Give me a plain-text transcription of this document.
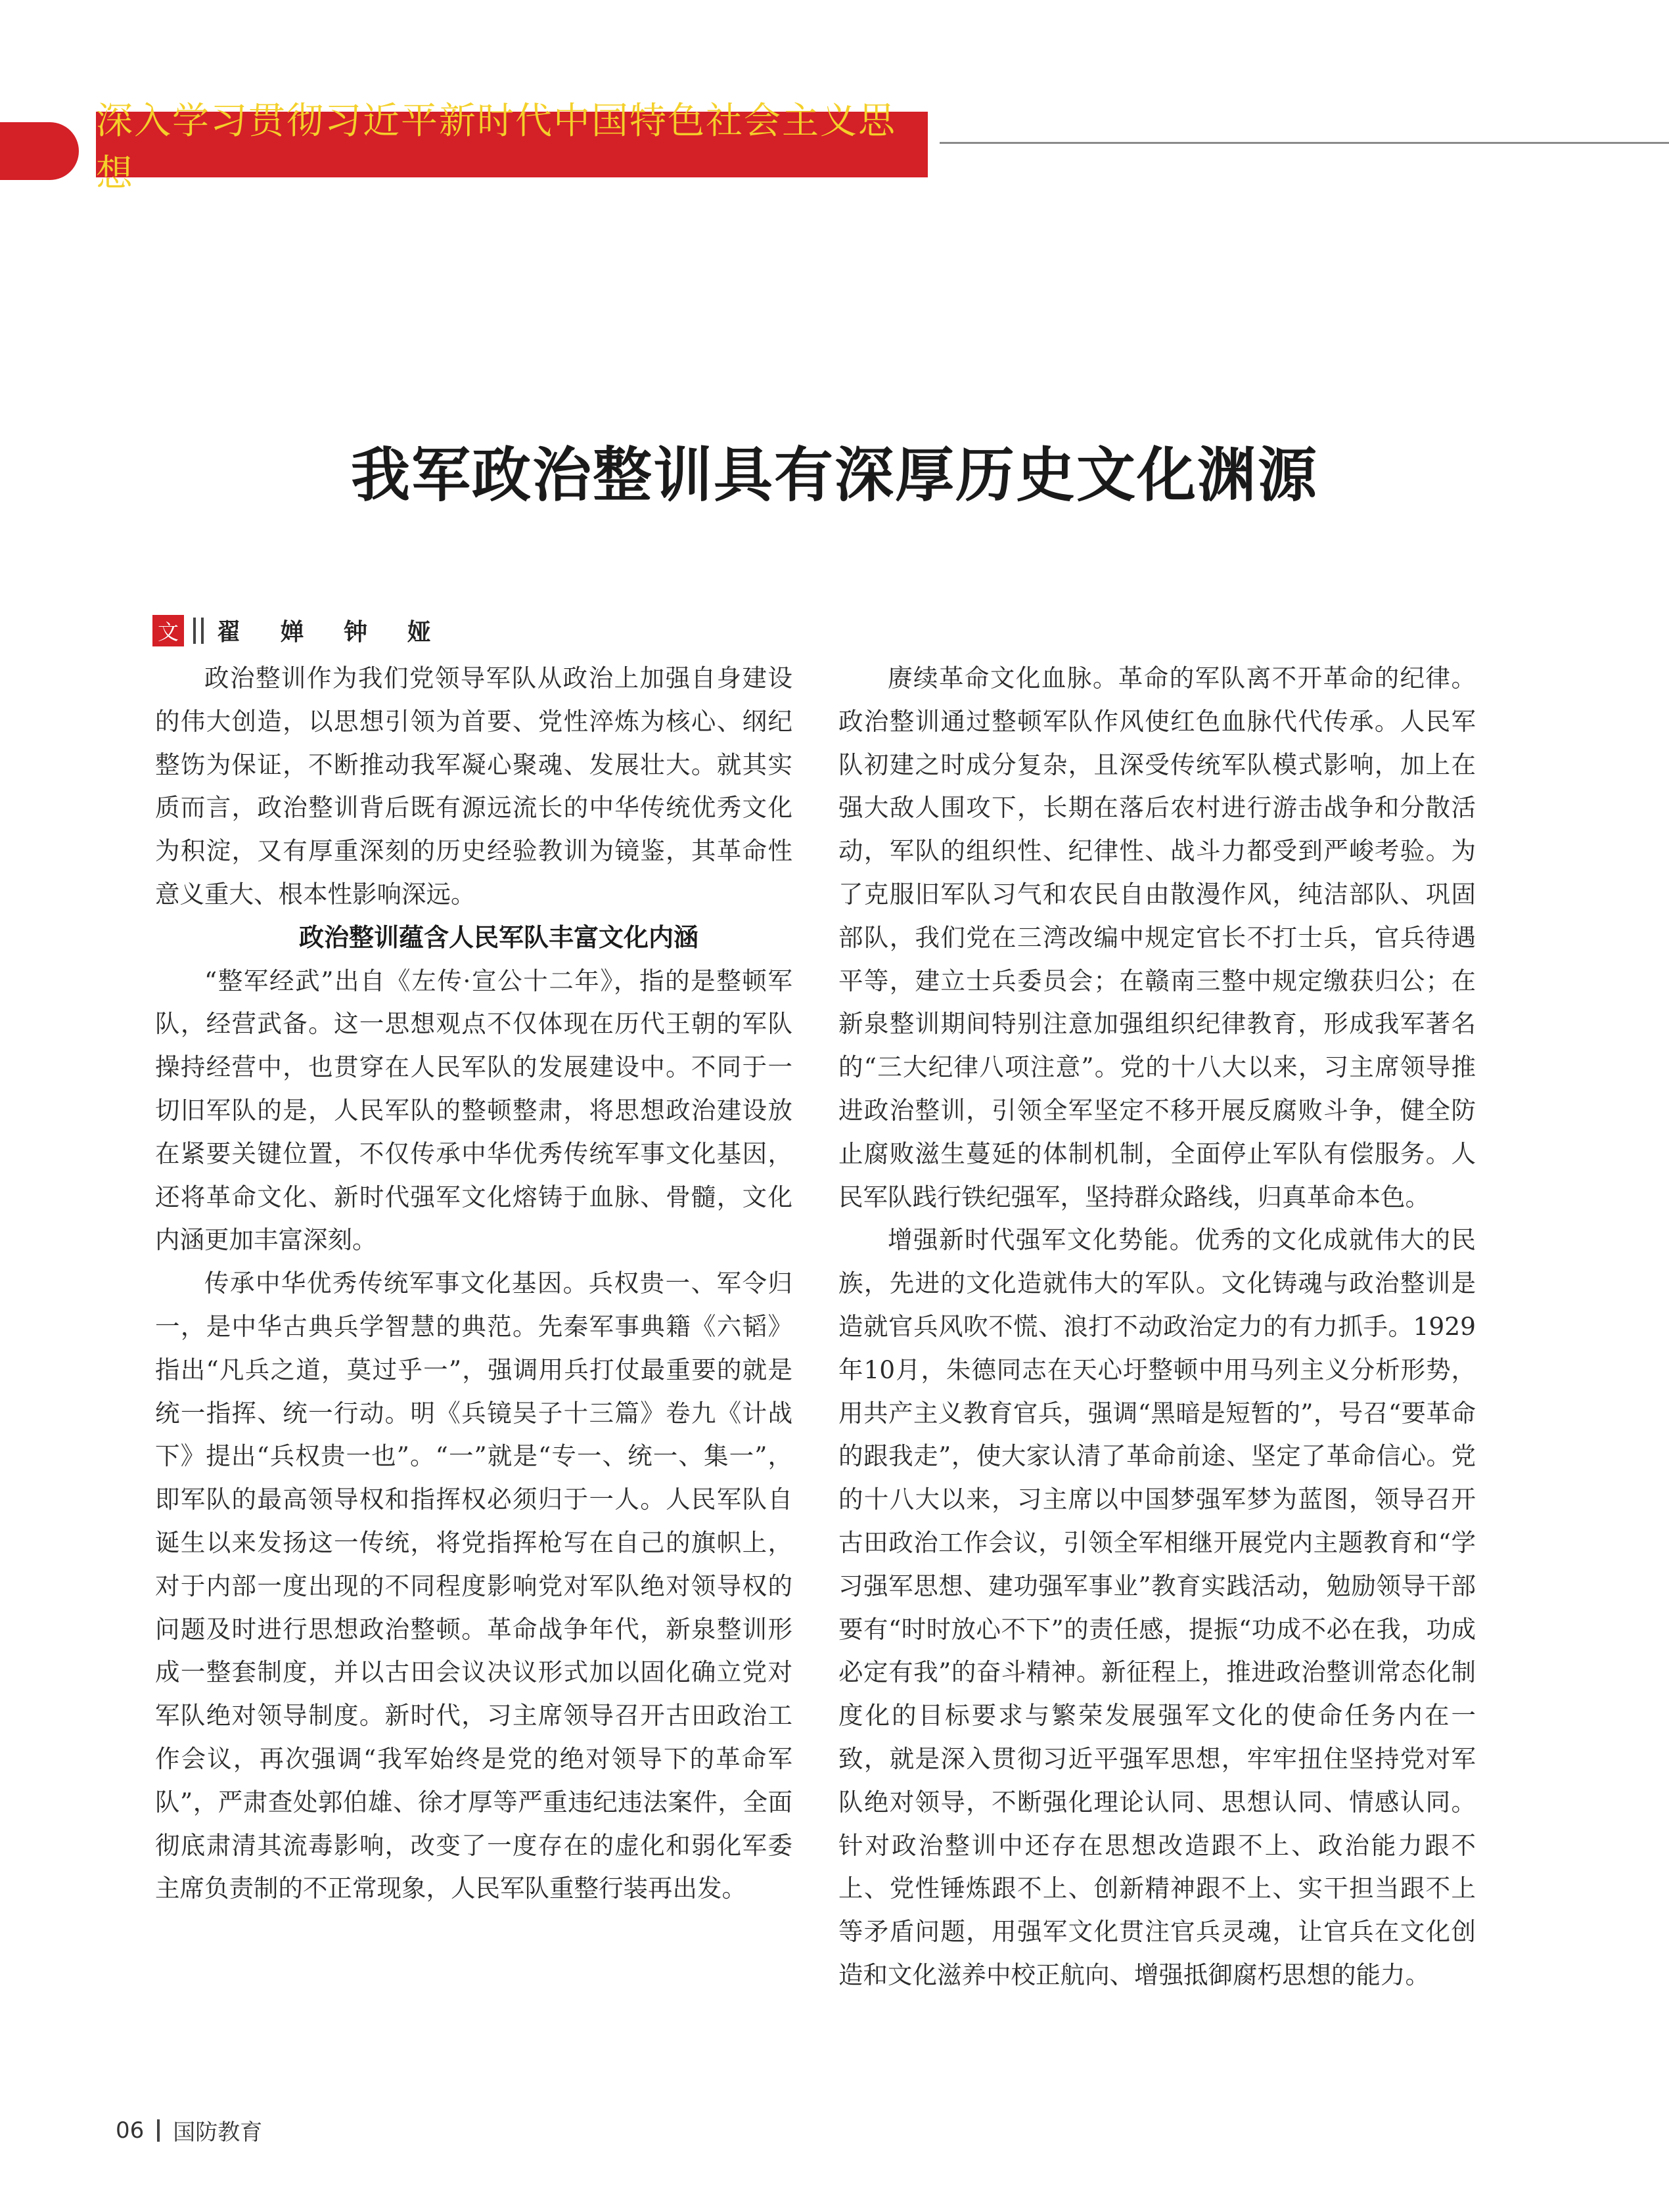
深入学习贯彻习近平新时代中国特色社会主义思想
我军政治整训具有深厚历史文化渊源
文 翟 婵 钟 娅

政治整训作为我们党领导军队从政治上加强自身建设的伟大创造，以思想引领为首要、党性淬炼为核心、纲纪整饬为保证，不断推动我军凝心聚魂、发展壮大。就其实质而言，政治整训背后既有源远流长的中华传统优秀文化为积淀，又有厚重深刻的历史经验教训为镜鉴，其革命性意义重大、根本性影响深远。

政治整训蕴含人民军队丰富文化内涵

“整军经武”出自《左传·宣公十二年》，指的是整顿军队，经营武备。这一思想观点不仅体现在历代王朝的军队操持经营中，也贯穿在人民军队的发展建设中。不同于一切旧军队的是，人民军队的整顿整肃，将思想政治建设放在紧要关键位置，不仅传承中华优秀传统军事文化基因，还将革命文化、新时代强军文化熔铸于血脉、骨髓，文化内涵更加丰富深刻。

传承中华优秀传统军事文化基因。兵权贵一、军令归一，是中华古典兵学智慧的典范。先秦军事典籍《六韬》指出“凡兵之道，莫过乎一”，强调用兵打仗最重要的就是统一指挥、统一行动。明《兵镜吴子十三篇》卷九《计战下》提出“兵权贵一也”。“一”就是“专一、统一、集一”，即军队的最高领导权和指挥权必须归于一人。人民军队自诞生以来发扬这一传统，将党指挥枪写在自己的旗帜上，对于内部一度出现的不同程度影响党对军队绝对领导权的问题及时进行思想政治整顿。革命战争年代，新泉整训形成一整套制度，并以古田会议决议形式加以固化确立党对军队绝对领导制度。新时代，习主席领导召开古田政治工作会议，再次强调“我军始终是党的绝对领导下的革命军队”，严肃查处郭伯雄、徐才厚等严重违纪违法案件，全面彻底肃清其流毒影响，改变了一度存在的虚化和弱化军委主席负责制的不正常现象，人民军队重整行装再出发。

赓续革命文化血脉。革命的军队离不开革命的纪律。政治整训通过整顿军队作风使红色血脉代代传承。人民军队初建之时成分复杂，且深受传统军队模式影响，加上在强大敌人围攻下，长期在落后农村进行游击战争和分散活动，军队的组织性、纪律性、战斗力都受到严峻考验。为了克服旧军队习气和农民自由散漫作风，纯洁部队、巩固部队，我们党在三湾改编中规定官长不打士兵，官兵待遇平等，建立士兵委员会；在赣南三整中规定缴获归公；在新泉整训期间特别注意加强组织纪律教育，形成我军著名的“三大纪律八项注意”。党的十八大以来，习主席领导推进政治整训，引领全军坚定不移开展反腐败斗争，健全防止腐败滋生蔓延的体制机制，全面停止军队有偿服务。人民军队践行铁纪强军，坚持群众路线，归真革命本色。

增强新时代强军文化势能。优秀的文化成就伟大的民族，先进的文化造就伟大的军队。文化铸魂与政治整训是造就官兵风吹不慌、浪打不动政治定力的有力抓手。1929年10月，朱德同志在天心圩整顿中用马列主义分析形势，用共产主义教育官兵，强调“黑暗是短暂的”，号召“要革命的跟我走”，使大家认清了革命前途、坚定了革命信心。党的十八大以来，习主席以中国梦强军梦为蓝图，领导召开古田政治工作会议，引领全军相继开展党内主题教育和“学习强军思想、建功强军事业”教育实践活动，勉励领导干部要有“时时放心不下”的责任感，提振“功成不必在我，功成必定有我”的奋斗精神。新征程上，推进政治整训常态化制度化的目标要求与繁荣发展强军文化的使命任务内在一致，就是深入贯彻习近平强军思想，牢牢扭住坚持党对军队绝对领导，不断强化理论认同、思想认同、情感认同。针对政治整训中还存在思想改造跟不上、政治能力跟不上、党性锤炼跟不上、创新精神跟不上、实干担当跟不上等矛盾问题，用强军文化贯注官兵灵魂，让官兵在文化创造和文化滋养中校正航向、增强抵御腐朽思想的能力。

06 国防教育
